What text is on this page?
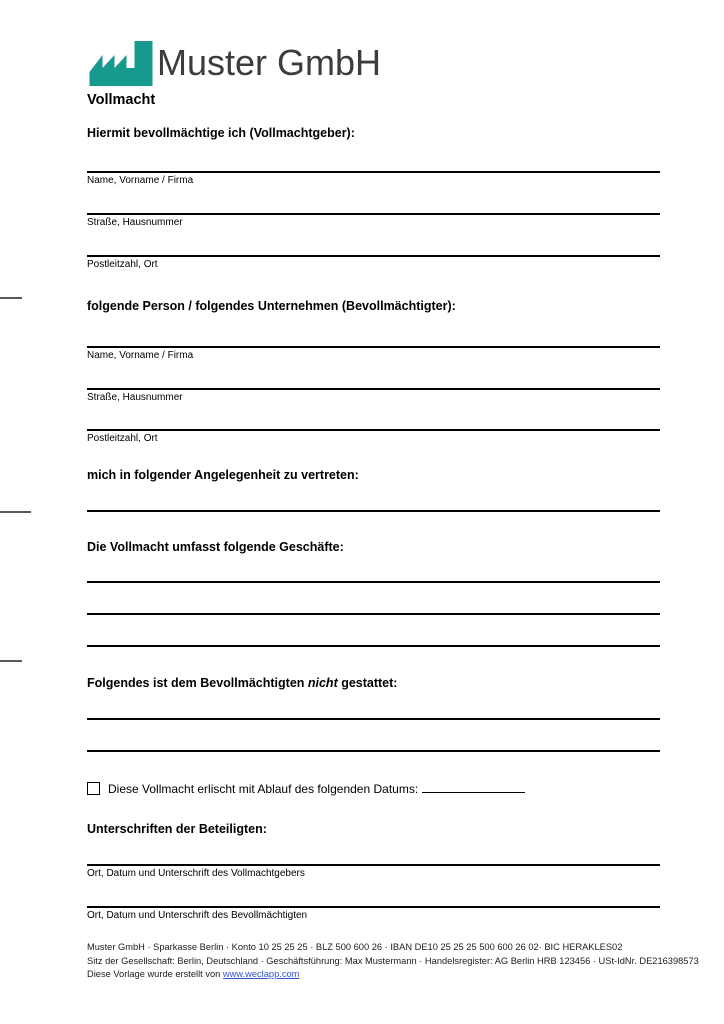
Muster GmbH
Vollmacht
Hiermit bevollmächtige ich (Vollmachtgeber):
Name, Vorname / Firma
Straße, Hausnummer
Postleitzahl, Ort
folgende Person / folgendes Unternehmen (Bevollmächtigter):
Name, Vorname / Firma
Straße, Hausnummer
Postleitzahl, Ort
mich in folgender Angelegenheit zu vertreten:
Die Vollmacht umfasst folgende Geschäfte:
Folgendes ist dem Bevollmächtigten nicht gestattet:
Diese Vollmacht erlischt mit Ablauf des folgenden Datums:
Unterschriften der Beteiligten:
Ort, Datum und Unterschrift des Vollmachtgebers
Ort, Datum und Unterschrift des Bevollmächtigten
Muster GmbH · Sparkasse Berlin · Konto 10 25 25 25 · BLZ 500 600 26 · IBAN DE10 25 25 25 500 600 26 02· BIC HERAKLES02
Sitz der Gesellschaft: Berlin, Deutschland · Geschäftsführung: Max Mustermann · Handelsregister: AG Berlin HRB 123456 · USt-IdNr. DE216398573
Diese Vorlage wurde erstellt von www.weclapp.com
